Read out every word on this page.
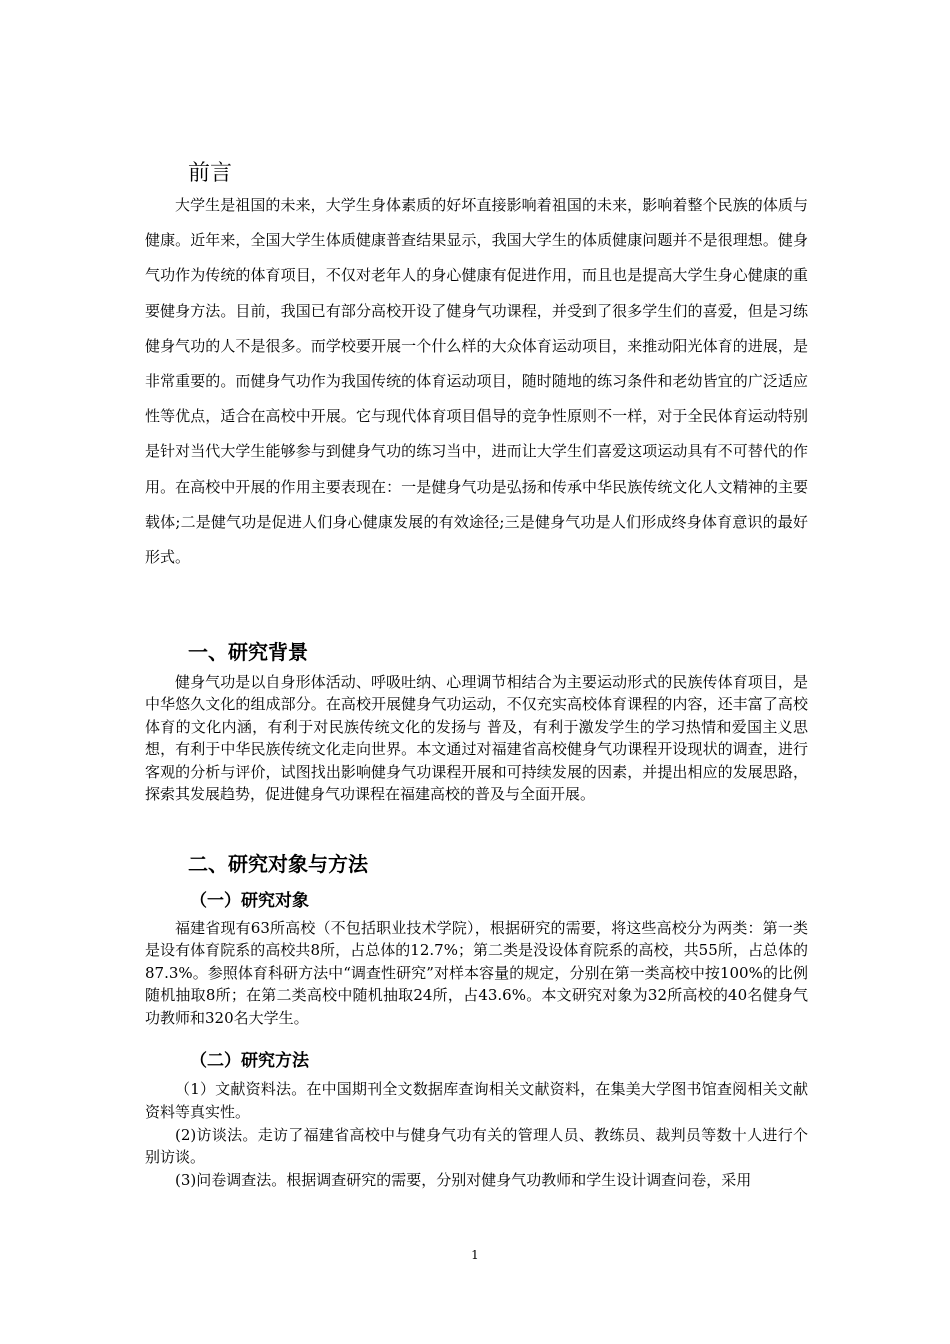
前言

大学生是祖国的未来，大学生身体素质的好坏直接影响着祖国的未来，影响着整个民族的体质与健康。近年来，全国大学生体质健康普查结果显示，我国大学生的体质健康问题并不是很理想。健身气功作为传统的体育项目，不仅对老年人的身心健康有促进作用，而且也是提高大学生身心健康的重要健身方法。目前，我国已有部分高校开设了健身气功课程，并受到了很多学生们的喜爱，但是习练健身气功的人不是很多。而学校要开展一个什么样的大众体育运动项目，来推动阳光体育的进展，是非常重要的。而健身气功作为我国传统的体育运动项目，随时随地的练习条件和老幼皆宜的广泛适应性等优点，适合在高校中开展。它与现代体育项目倡导的竞争性原则不一样，对于全民体育运动特别是针对当代大学生能够参与到健身气功的练习当中，进而让大学生们喜爱这项运动具有不可替代的作用。在高校中开展的作用主要表现在：一是健身气功是弘扬和传承中华民族传统文化人文精神的主要载体;二是健气功是促进人们身心健康发展的有效途径;三是健身气功是人们形成终身体育意识的最好形式。

一、研究背景

健身气功是以自身形体活动、呼吸吐纳、心理调节相结合为主要运动形式的民族传体育项目，是中华悠久文化的组成部分。在高校开展健身气功运动，不仅充实高校体育课程的内容，还丰富了高校体育的文化内涵，有利于对民族传统文化的发扬与 普及，有利于激发学生的学习热情和爱国主义思想，有利于中华民族传统文化走向世界。本文通过对福建省高校健身气功课程开设现状的调查，进行客观的分析与评价，试图找出影响健身气功课程开展和可持续发展的因素，并提出相应的发展思路，探索其发展趋势，促进健身气功课程在福建高校的普及与全面开展。

二、研究对象与方法
（一）研究对象

福建省现有63所高校（不包括职业技术学院），根据研究的需要，将这些高校分为两类：第一类是设有体育院系的高校共8所，占总体的12.7%；第二类是没设体育院系的高校，共55所，占总体的87.3%。参照体育科研方法中“调查性研究”对样本容量的规定，分别在第一类高校中按100%的比例随机抽取8所；在第二类高校中随机抽取24所，占43.6%。本文研究对象为32所高校的40名健身气功教师和320名大学生。

（二）研究方法

（1）文献资料法。在中国期刊全文数据库查询相关文献资料，在集美大学图书馆查阅相关文献资料等真实性。

(2)访谈法。走访了福建省高校中与健身气功有关的管理人员、教练员、裁判员等数十人进行个别访谈。

(3)问卷调查法。根据调查研究的需要，分别对健身气功教师和学生设计调查问卷，采用

1
